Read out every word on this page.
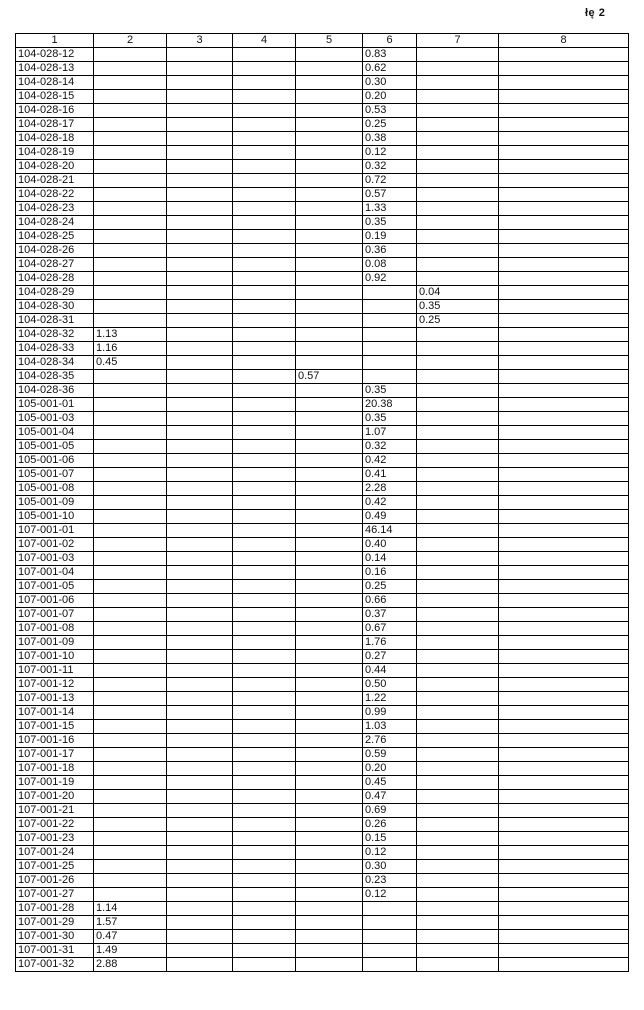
łę 2
1	2	3	4	5	6	7	8
104-028-12					0.83		
104-028-13					0.62		
104-028-14					0.30		
104-028-15					0.20		
104-028-16					0.53		
104-028-17					0.25		
104-028-18					0.38		
104-028-19					0.12		
104-028-20					0.32		
104-028-21					0.72		
104-028-22					0.57		
104-028-23					1.33		
104-028-24					0.35		
104-028-25					0.19		
104-028-26					0.36		
104-028-27					0.08		
104-028-28					0.92		
104-028-29						0.04	
104-028-30						0.35	
104-028-31						0.25	
104-028-32	1.13						
104-028-33	1.16						
104-028-34	0.45						
104-028-35				0.57			
104-028-36					0.35		
105-001-01					20.38		
105-001-03					0.35		
105-001-04					1.07		
105-001-05					0.32		
105-001-06					0.42		
105-001-07					0.41		
105-001-08					2.28		
105-001-09					0.42		
105-001-10					0.49		
107-001-01					46.14		
107-001-02					0.40		
107-001-03					0.14		
107-001-04					0.16		
107-001-05					0.25		
107-001-06					0.66		
107-001-07					0.37		
107-001-08					0.67		
107-001-09					1.76		
107-001-10					0.27		
107-001-11					0.44		
107-001-12					0.50		
107-001-13					1.22		
107-001-14					0.99		
107-001-15					1.03		
107-001-16					2.76		
107-001-17					0.59		
107-001-18					0.20		
107-001-19					0.45		
107-001-20					0.47		
107-001-21					0.69		
107-001-22					0.26		
107-001-23					0.15		
107-001-24					0.12		
107-001-25					0.30		
107-001-26					0.23		
107-001-27					0.12		
107-001-28	1.14						
107-001-29	1.57						
107-001-30	0.47						
107-001-31	1.49						
107-001-32	2.88						
